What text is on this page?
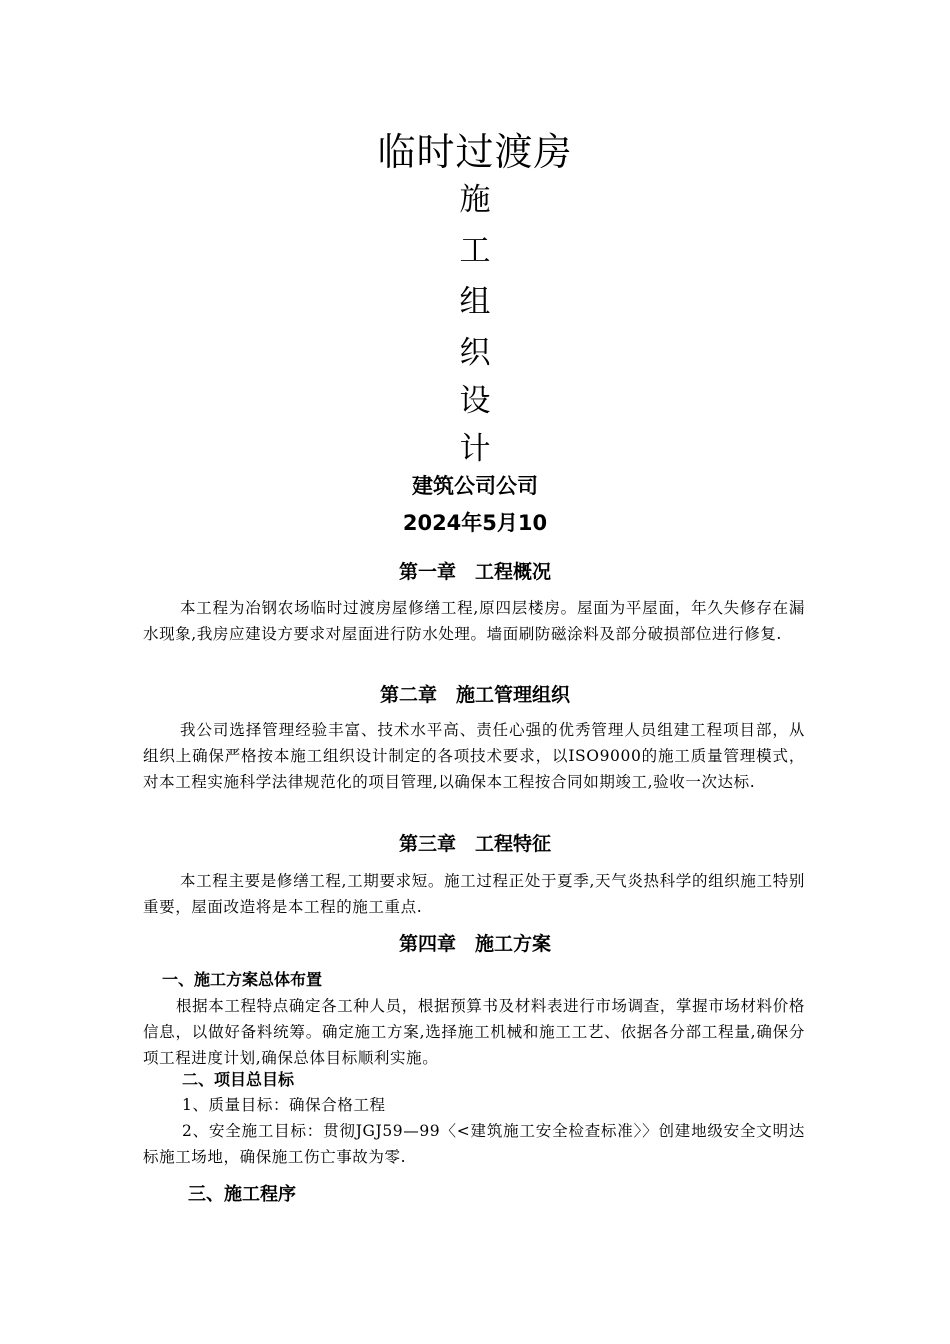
临时过渡房
施
工
组
织
设
计
建筑公司公司
2024年5月10
第一章　工程概况
本工程为冶钢农场临时过渡房屋修缮工程,原四层楼房。屋面为平屋面，年久失修存在漏水现象,我房应建设方要求对屋面进行防水处理。墙面刷防磁涂料及部分破损部位进行修复.
第二章　施工管理组织
我公司选择管理经验丰富、技术水平高、责任心强的优秀管理人员组建工程项目部，从组织上确保严格按本施工组织设计制定的各项技术要求，以ISO9000的施工质量管理模式，对本工程实施科学法律规范化的项目管理,以确保本工程按合同如期竣工,验收一次达标.
第三章　工程特征
本工程主要是修缮工程,工期要求短。施工过程正处于夏季,天气炎热科学的组织施工特别重要，屋面改造将是本工程的施工重点.
第四章　施工方案
一、施工方案总体布置
根据本工程特点确定各工种人员，根据预算书及材料表进行市场调查，掌握市场材料价格信息，以做好备料统筹。确定施工方案,选择施工机械和施工工艺、依据各分部工程量,确保分项工程进度计划,确保总体目标顺利实施。
二、项目总目标
1、质量目标：确保合格工程
2、安全施工目标：贯彻JGJ59—99〈<建筑施工安全检查标准〉〉创建地级安全文明达标施工场地，确保施工伤亡事故为零.
三、施工程序
